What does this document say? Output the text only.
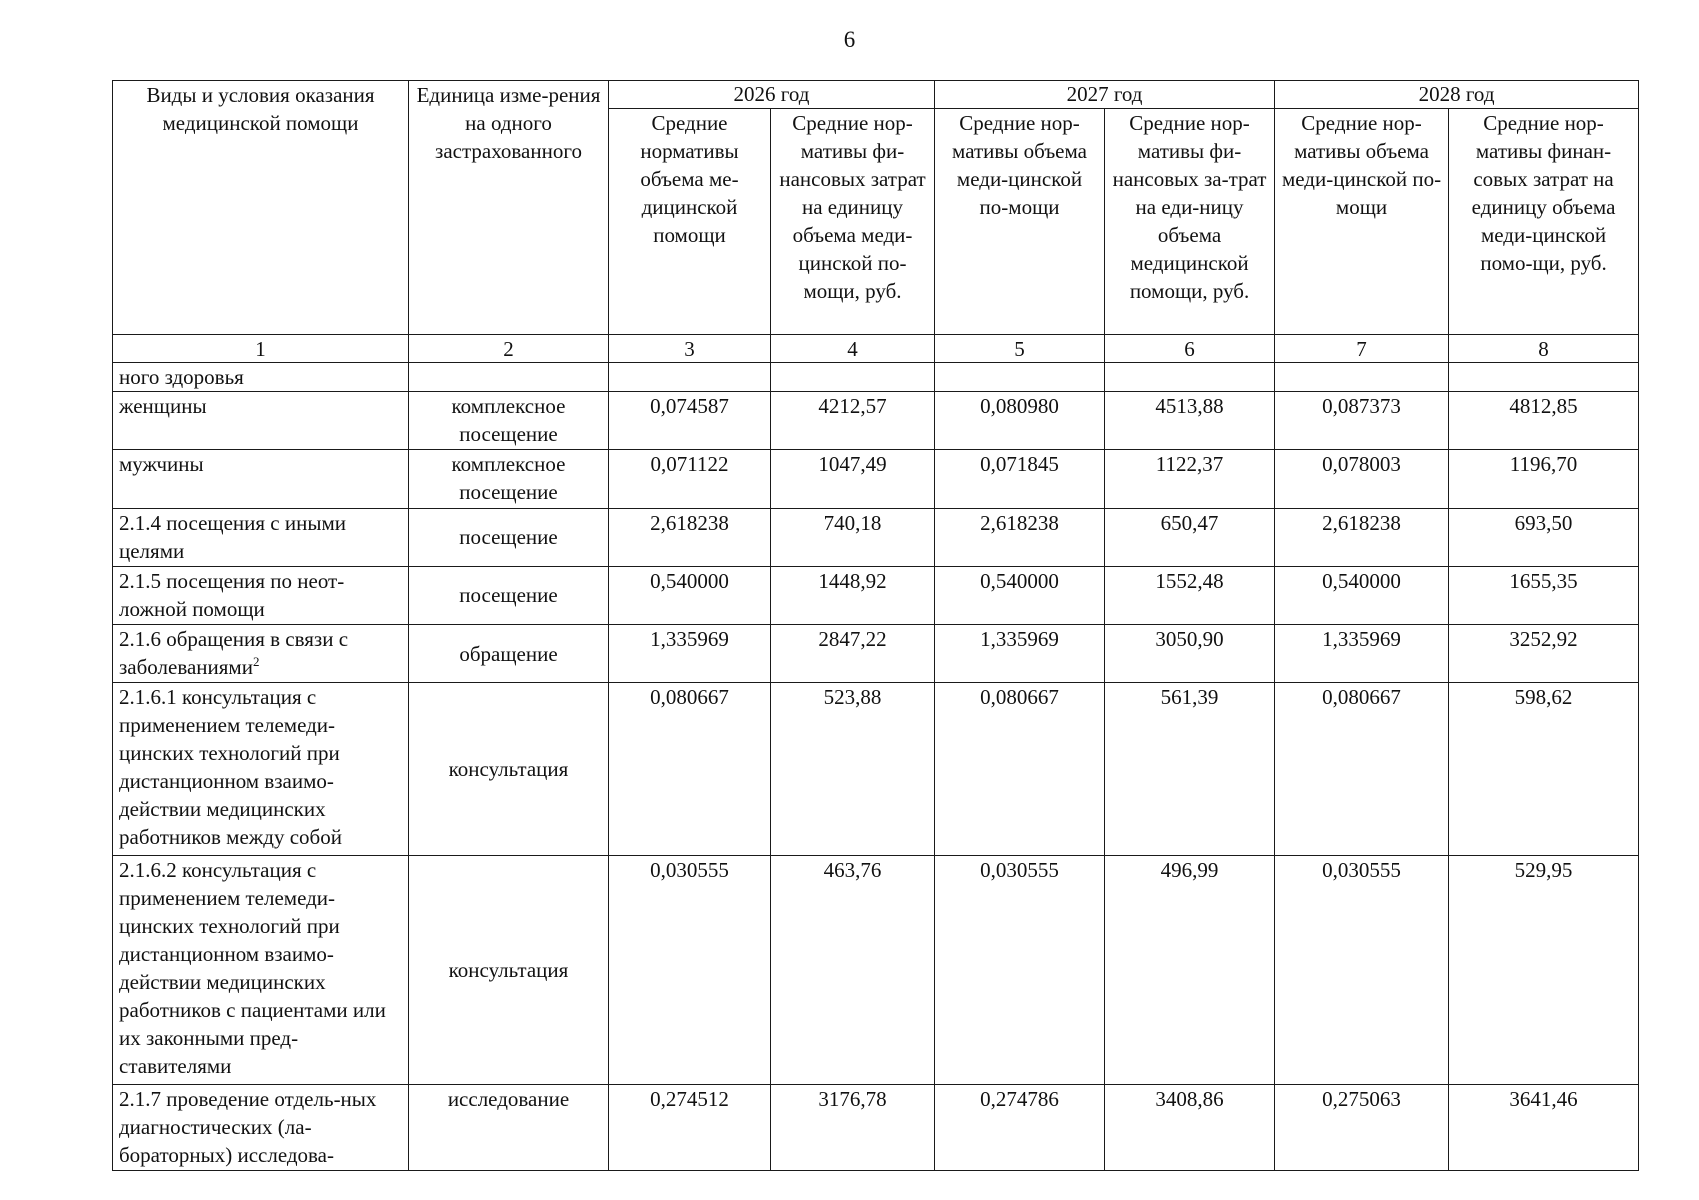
6
Виды и условия оказания медицинской помощи	Единица изме-рения на одного застрахованного	2026 год		2027 год		2028 год	
		Средние нормативы объема ме-дицинской помощи	Средние нор-мативы фи-нансовых затрат на единицу объема меди-цинской по-мощи, руб.	Средние нор-мативы объема меди-цинской по-мощи	Средние нор-мативы фи-нансовых за-трат на еди-ницу объема медицинской помощи, руб.	Средние нор-мативы объема меди-цинской по-мощи	Средние нор-мативы финан-совых затрат на единицу объема меди-цинской помо-щи, руб.
1	2	3	4	5	6	7	8
ного здоровья							
женщины	комплексное посещение	0,074587	4212,57	0,080980	4513,88	0,087373	4812,85
мужчины	комплексное посещение	0,071122	1047,49	0,071845	1122,37	0,078003	1196,70
2.1.4 посещения с иными целями	посещение	2,618238	740,18	2,618238	650,47	2,618238	693,50
2.1.5 посещения по неот-ложной помощи	посещение	0,540000	1448,92	0,540000	1552,48	0,540000	1655,35
2.1.6 обращения в связи с заболеваниями$^2$	обращение	1,335969	2847,22	1,335969	3050,90	1,335969	3252,92
2.1.6.1 консультация с применением телемеди-цинских технологий при дистанционном взаимо-действии медицинских работников между собой	консультация	0,080667	523,88	0,080667	561,39	0,080667	598,62
2.1.6.2 консультация с применением телемеди-цинских технологий при дистанционном взаимо-действии медицинских работников с пациентами или их законными пред-ставителями	консультация	0,030555	463,76	0,030555	496,99	0,030555	529,95
2.1.7 проведение отдель-ных диагностических (ла-бораторных) исследова-	исследование	0,274512	3176,78	0,274786	3408,86	0,275063	3641,46
